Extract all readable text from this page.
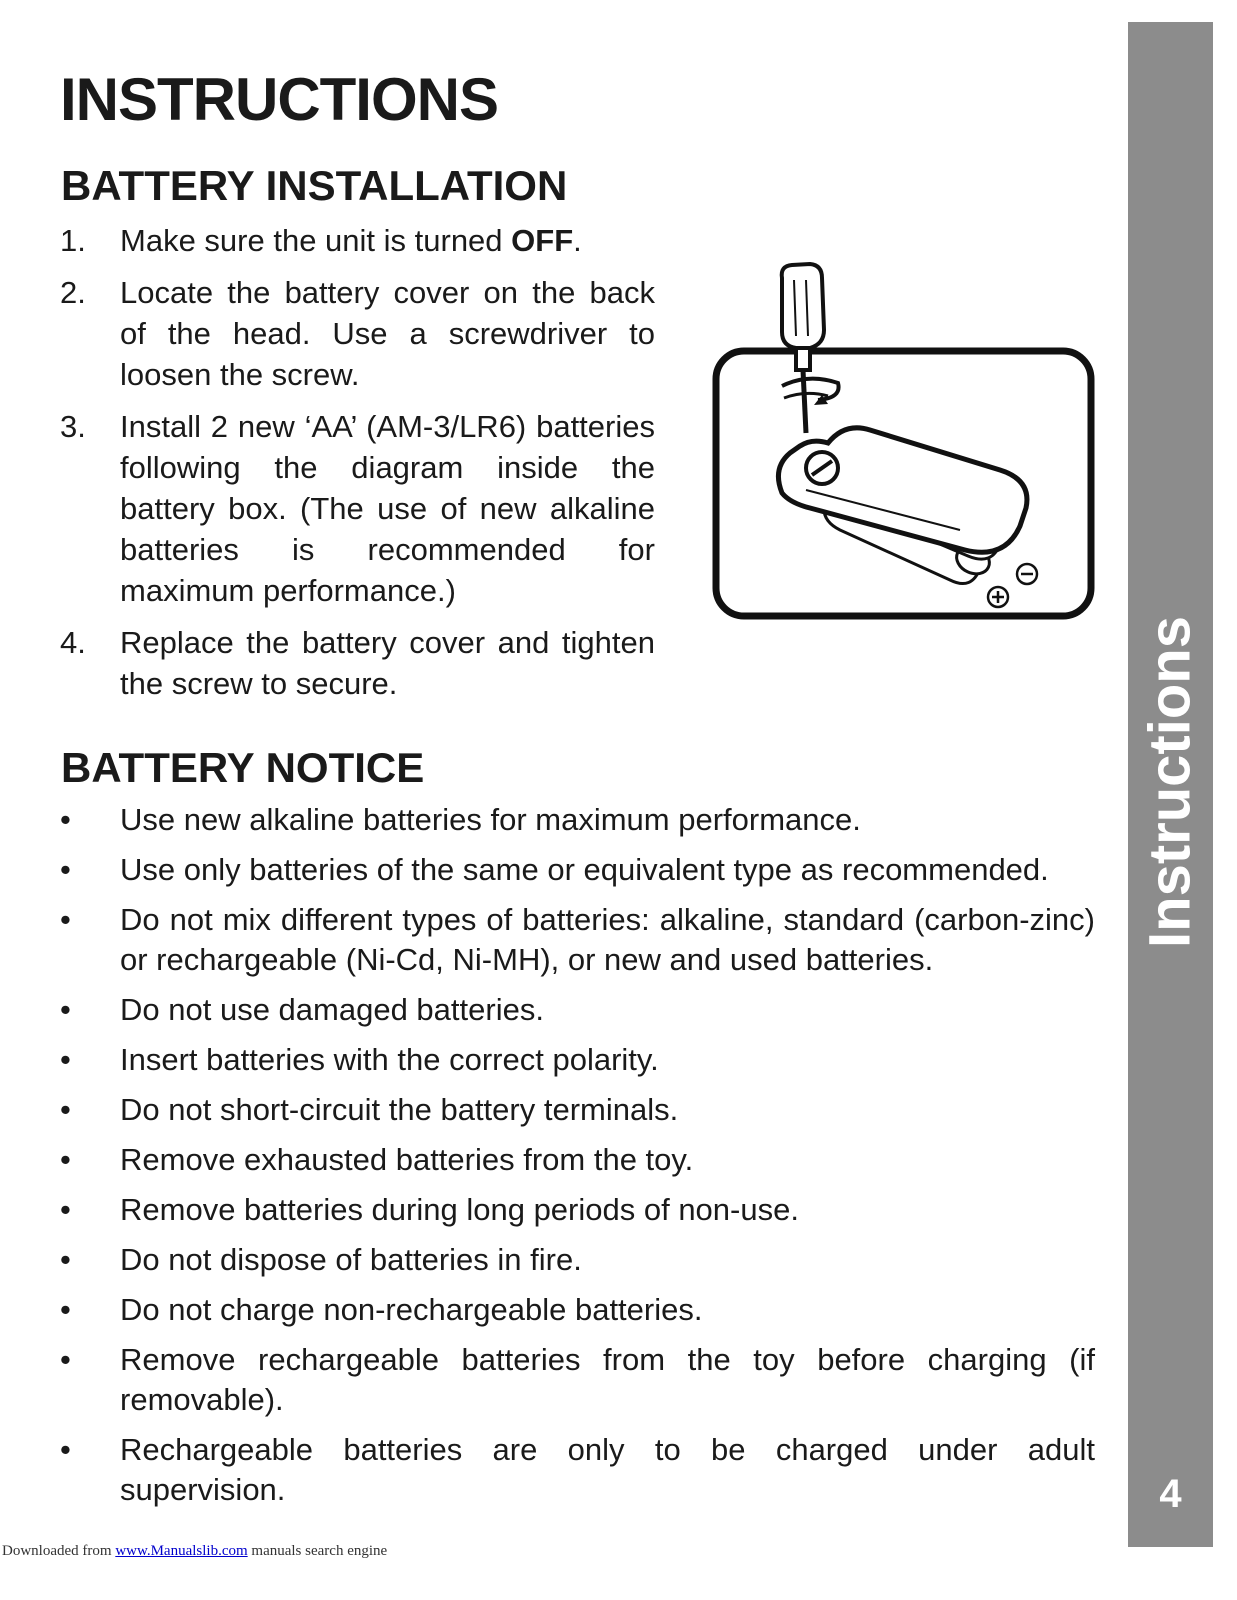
INSTRUCTIONS
BATTERY INSTALLATION
1. Make sure the unit is turned OFF.
2. Locate the battery cover on the back of the head. Use a screwdriver to loosen the screw.
3. Install 2 new ‘AA’ (AM-3/LR6) batteries following the diagram inside the battery box. (The use of new alkaline batteries is recommended for maximum performance.)
4. Replace the battery cover and tighten the screw to secure.
BATTERY NOTICE
• Use new alkaline batteries for maximum performance.
• Use only batteries of the same or equivalent type as recommended.
• Do not mix different types of batteries: alkaline, standard (carbon-zinc) or rechargeable (Ni-Cd, Ni-MH), or new and used batteries.
• Do not use damaged batteries.
• Insert batteries with the correct polarity.
• Do not short-circuit the battery terminals.
• Remove exhausted batteries from the toy.
• Remove batteries during long periods of non-use.
• Do not dispose of batteries in fire.
• Do not charge non-rechargeable batteries.
• Remove rechargeable batteries from the toy before charging (if removable).
• Rechargeable batteries are only to be charged under adult supervision.
Instructions
4
Downloaded from www.Manualslib.com manuals search engine
